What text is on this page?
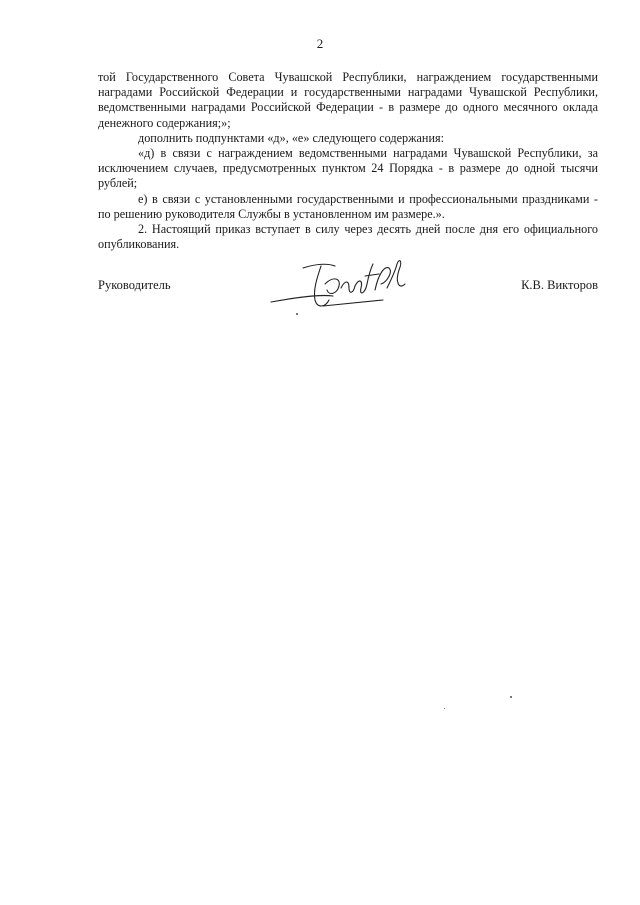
2

той Государственного Совета Чувашской Республики, награждением государственными наградами Российской Федерации и государственными наградами Чувашской Республики, ведомственными наградами Российской Федерации - в размере до одного месячного оклада денежного содержания;»;

дополнить подпунктами «д», «е» следующего содержания:

«д) в связи с награждением ведомственными наградами Чувашской Республики, за исключением случаев, предусмотренных пунктом 24 Порядка - в размере до одной тысячи рублей;

е) в связи с установленными государственными и профессиональными праздниками - по решению руководителя Службы в установленном им размере.».

2. Настоящий приказ вступает в силу через десять дней после дня его официального опубликования.

Руководитель	К.В. Викторов
